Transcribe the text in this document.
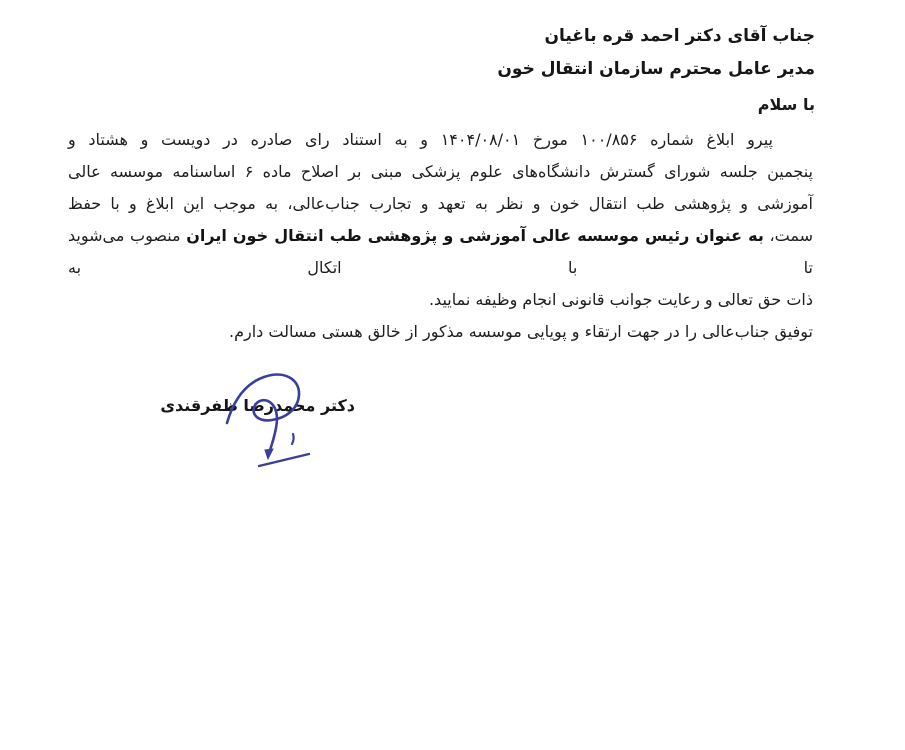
جناب آقای دکتر احمد قره باغیان
مدیر عامل محترم سازمان انتقال خون
با سلام
پیرو ابلاغ شماره ۱۰۰/۸۵۶ مورخ ۱۴۰۴/۰۸/۰۱ و به استناد رای صادره در دویست و هشتاد و
پنجمین جلسه شورای گسترش دانشگاه‌های علوم پزشکی مبنی بر اصلاح ماده ۶ اساسنامه موسسه عالی
آموزشی و پژوهشی طب انتقال خون و نظر به تعهد و تجارب جناب‌عالی، به موجب این ابلاغ و با حفظ
سمت، به عنوان رئیس موسسه عالی آموزشی و پژوهشی طب انتقال خون ایران منصوب می‌شوید تا با اتکال به
ذات حق تعالی و رعایت جوانب قانونی انجام وظیفه نمایید.
توفیق جناب‌عالی را در جهت ارتقاء و پویایی موسسه مذکور از خالق هستی مسالت دارم.
دکتر محمدرضا ظفرقندی
